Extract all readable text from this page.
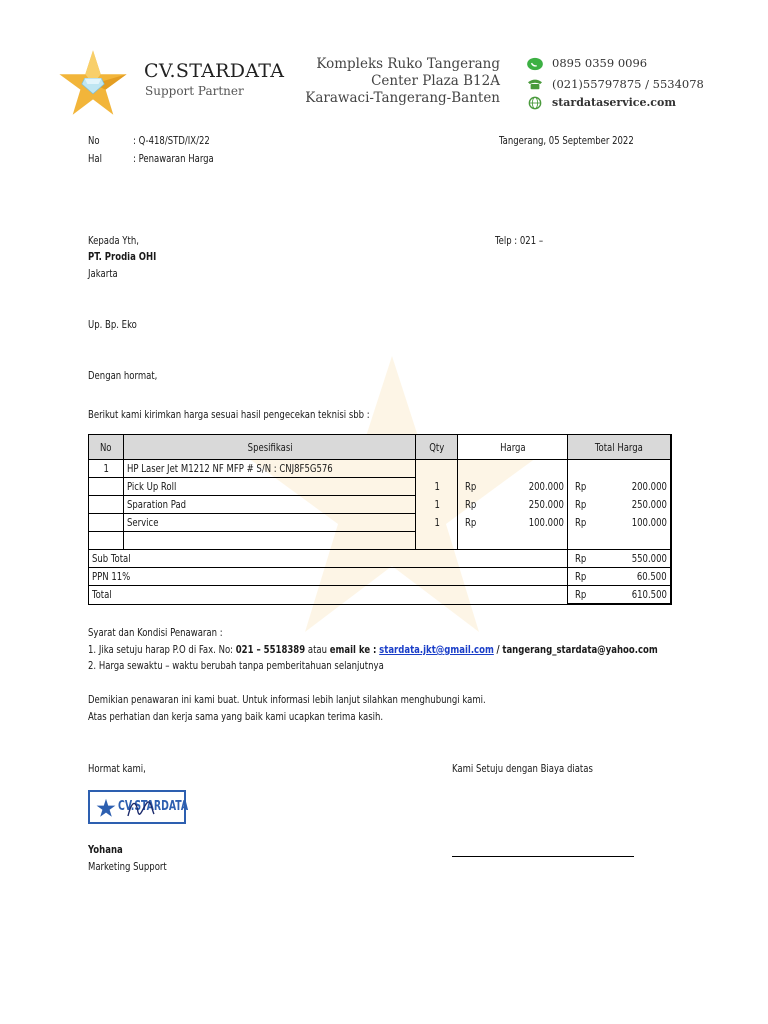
CV.STARDATA
Support Partner
Kompleks Ruko Tangerang
Center Plaza B12A
Karawaci-Tangerang-Banten
0895 0359 0096
(021)55797875 / 5534078
stardataservice.com
No	: Q-418/STD/IX/22
Hal	: Penawaran Harga
Tangerang, 05 September 2022
Kepada Yth,
PT. Prodia OHI
Jakarta
Telp : 021 –
Up. Bp. Eko
Dengan hormat,
Berikut kami kirimkan harga sesuai hasil pengecekan teknisi sbb :
No	Spesifikasi	Qty	Harga	Total Harga
1	HP Laser Jet M1212 NF MFP # S/N : CNJ8F5G576			
	Pick Up Roll	1	Rp 200.000	Rp 200.000

	Sparation Pad	1	Rp 250.000	Rp 250.000

	Service	1	Rp 100.000	Rp 100.000

Sub Total				Rp 550.000

PPN 11%				Rp 60.500

Total				Rp 610.500
Syarat dan Kondisi Penawaran :
1. Jika setuju harap P.O di Fax. No: 021 – 5518389 atau email ke : stardata.jkt@gmail.com / tangerang_stardata@yahoo.com
2. Harga sewaktu – waktu berubah tanpa pemberitahuan selanjutnya
Demikian penawaran ini kami buat. Untuk informasi lebih lanjut silahkan menghubungi kami.
Atas perhatian dan kerja sama yang baik kami ucapkan terima kasih.
Hormat kami,	Kami Setuju dengan Biaya diatas
CV.STARDATA
Yohana
Marketing Support
